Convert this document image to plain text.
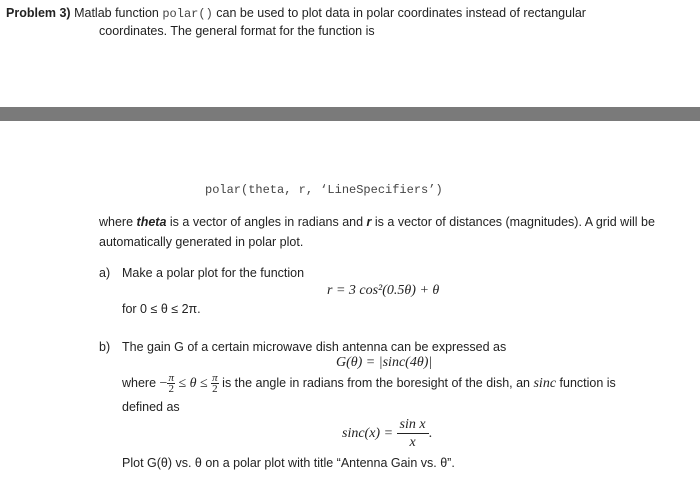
Problem 3) Matlab function polar() can be used to plot data in polar coordinates instead of rectangular
coordinates. The general format for the function is
polar(theta, r, ‘LineSpecifiers’)
where theta is a vector of angles in radians and r is a vector of distances (magnitudes). A grid will be
automatically generated in polar plot.
a) Make a polar plot for the function
r = 3 cos²(0.5θ) + θ
for 0 ≤ θ ≤ 2π.
b) The gain G of a certain microwave dish antenna can be expressed as
G(θ) = |sinc(4θ)|
where − $\frac{\pi}{2} \le \theta \le \frac{\pi}{2}$ is the angle in radians from the boresight of the dish, an sinc function is
defined as
$\sin c(x) = \frac{\text{sin x}}{x}$ .
Plot G(θ) vs. θ on a polar plot with title “Antenna Gain vs. θ”.
